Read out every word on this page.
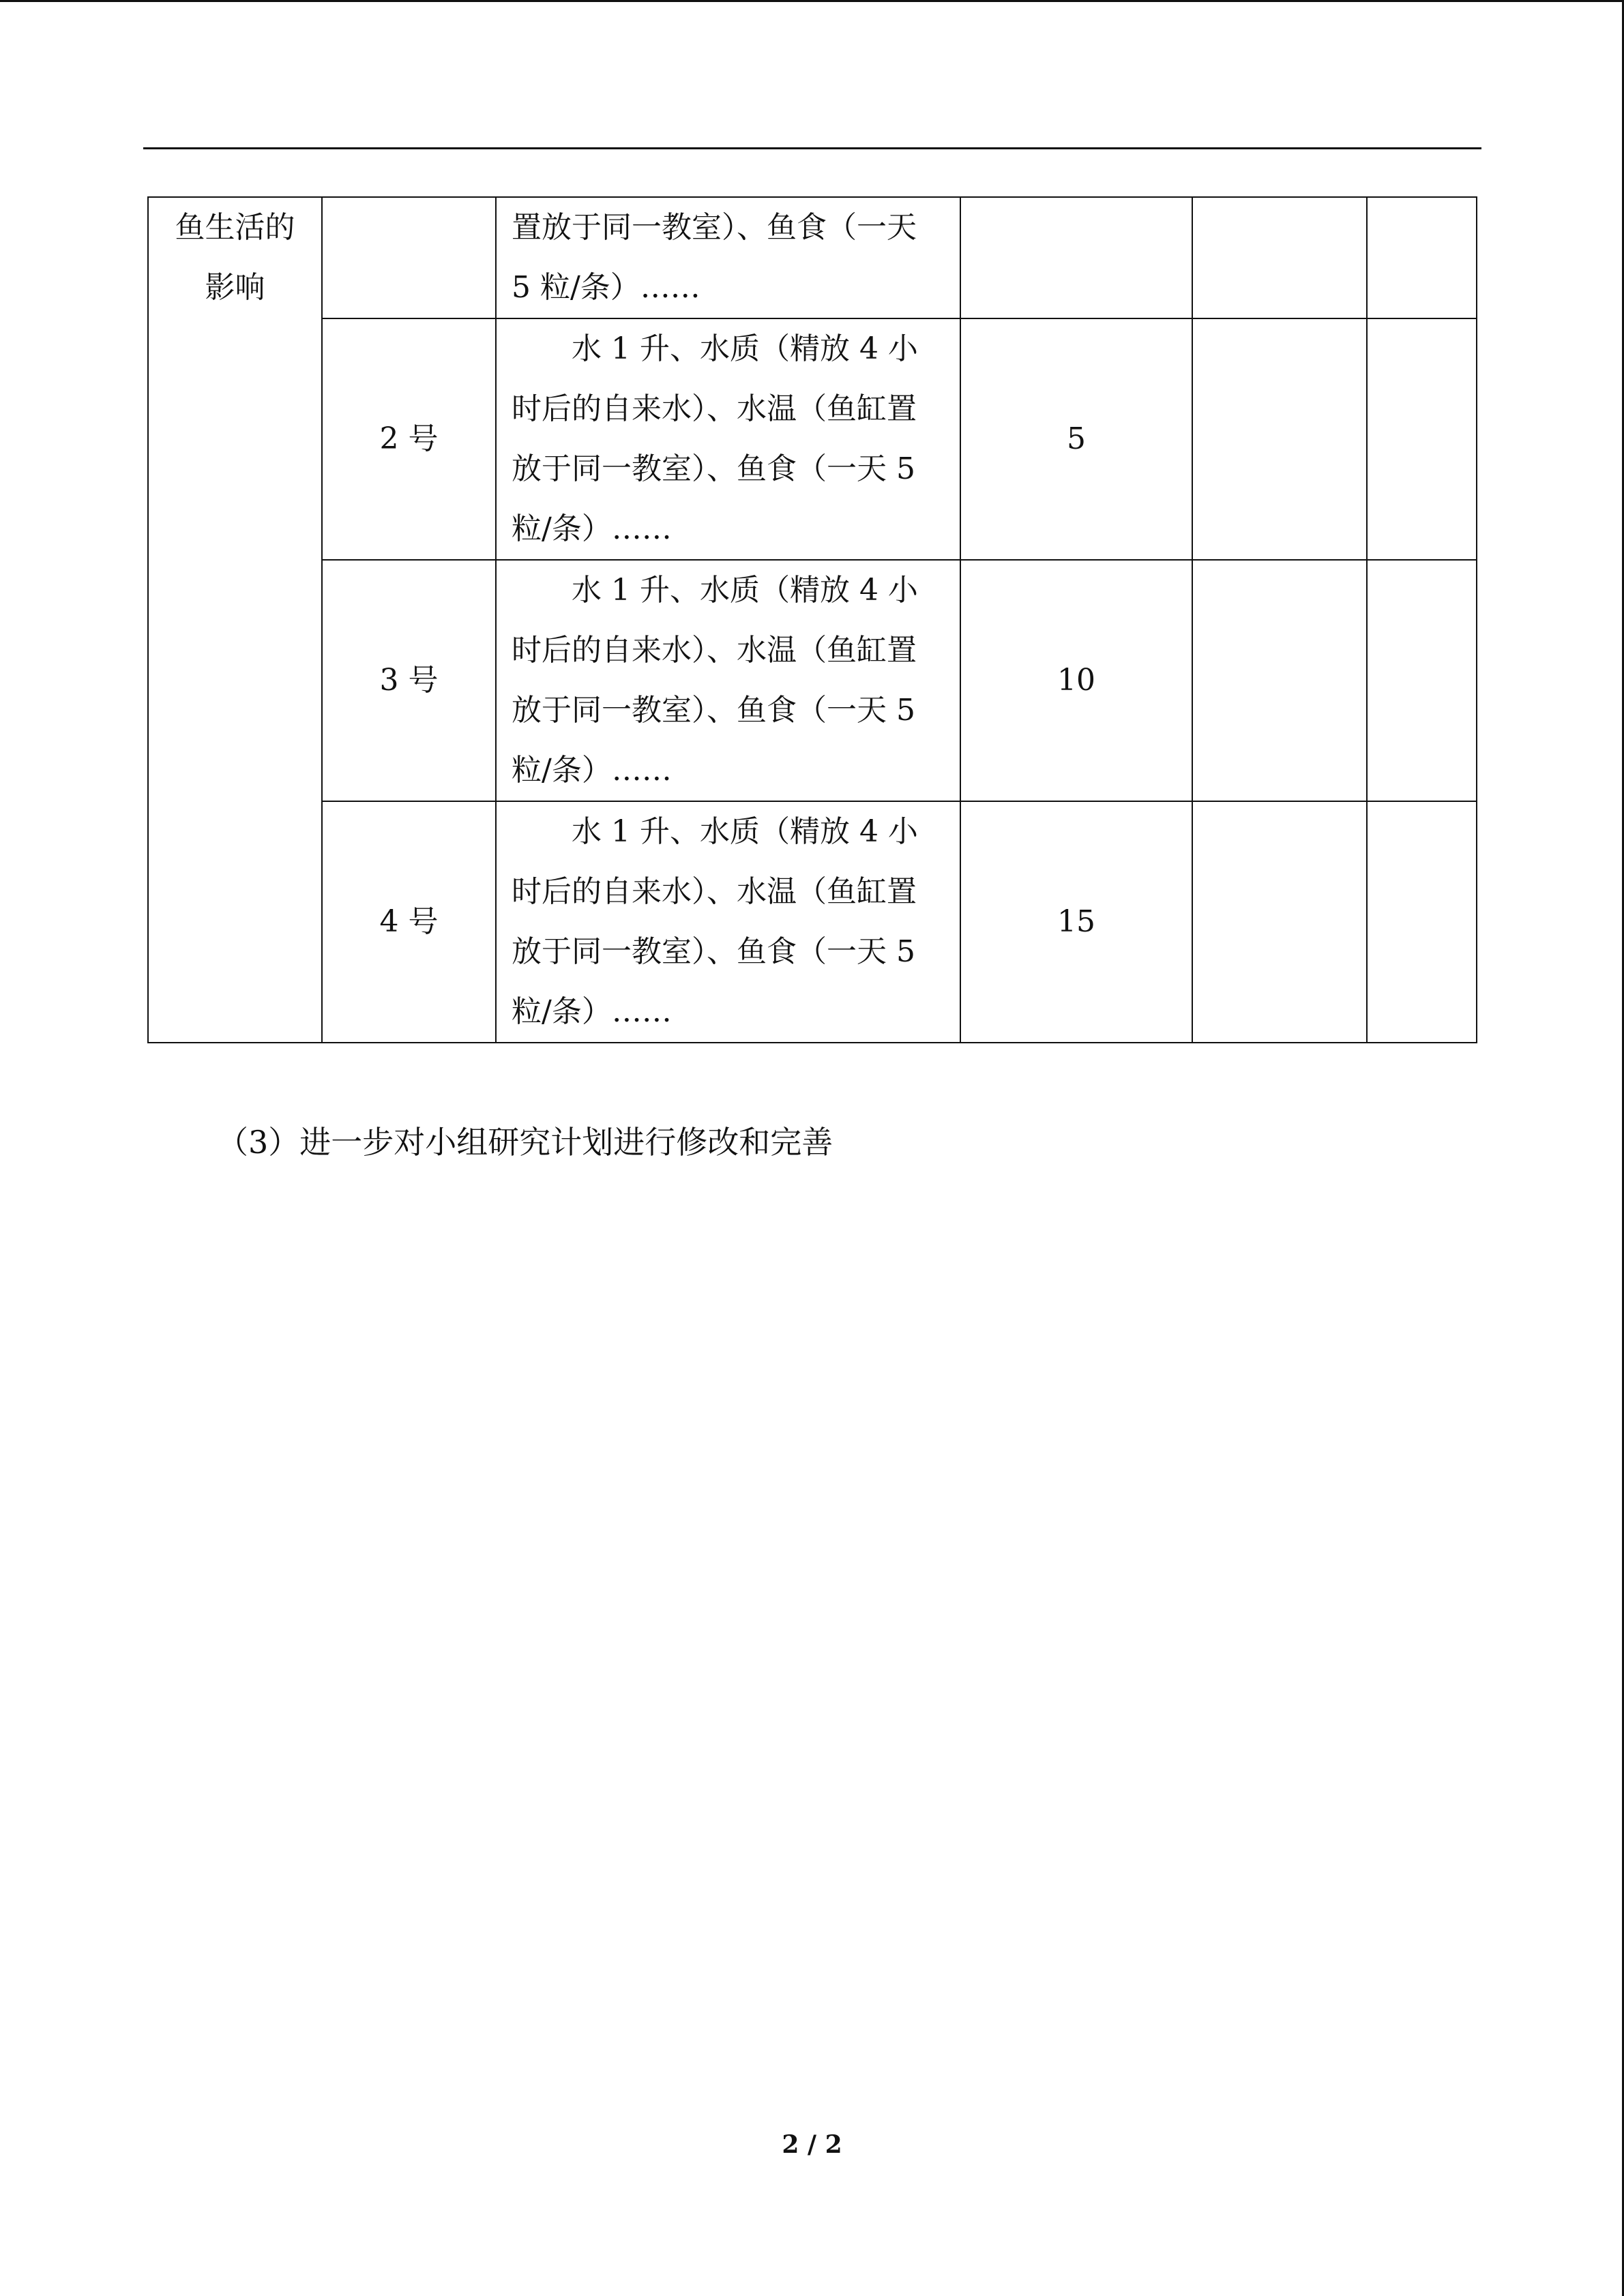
鱼生活的影响		置放于同一教室）、鱼食（一天 5 粒/条）……			

	2 号	水 1 升、水质（精放 4 小时后的自来水）、水温（鱼缸置放于同一教室）、鱼食（一天 5 粒/条）……	5		
	3 号	水 1 升、水质（精放 4 小时后的自来水）、水温（鱼缸置放于同一教室）、鱼食（一天 5 粒/条）……	10		
	4 号	水 1 升、水质（精放 4 小时后的自来水）、水温（鱼缸置放于同一教室）、鱼食（一天 5 粒/条）……	15		
（3）进一步对小组研究计划进行修改和完善
2 / 2
